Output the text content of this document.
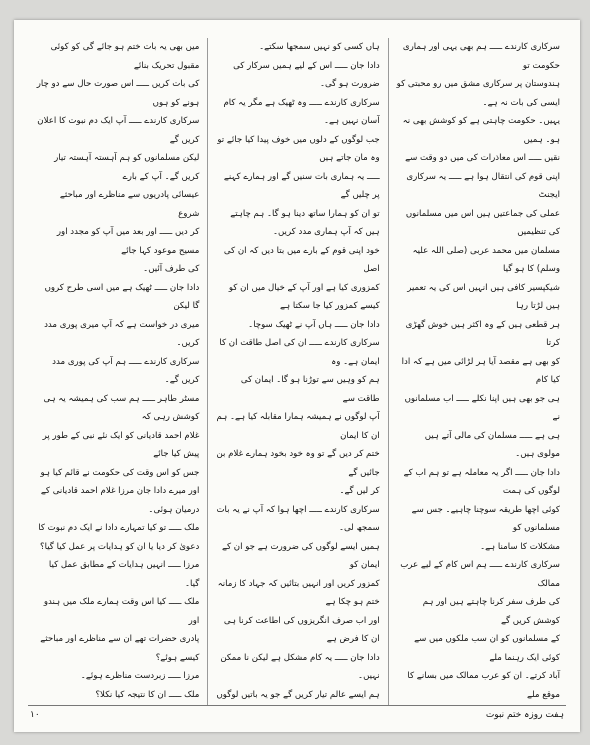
میں بھی یہ بات ختم ہو جائے گی کو کوئی مقبول تحریک بنائے

کی بات کریں ـــــ اس صورت حال سے دو چار ہونے کو ہوں

سرکاری کارندے ـــــ آپ ایک دم نبوت کا اعلان کریں گے

لیکن مسلمانوں کو ہم آہستہ آہستہ تیار کریں گے۔ آپ کے بارے

عیسائی پادریوں سے مناظرے اور مباحثے شروع

کر دیں ـــــ اور بعد میں آپ کو مجدد اور مسیح موعود کہا جائے

کی طرف آئیں۔

دادا جان ـــــ ٹھیک ہے میں اسی طرح کروں گا لیکن

میری در خواست ہے کہ آپ میری پوری مدد کریں۔

سرکاری کارندے ـــــ ہم آپ کی پوری مدد کریں گے۔

مسٹر طاہر ـــــ ہم سب کی ہمیشہ یہ ہی کوشش رہی کہ

غلام احمد قادیانی کو ایک نئے نبی کے طور پر پیش کیا جائے

جس کو اس وقت کی حکومت نے قائم کیا ہو

اور میرے دادا جان مرزا غلام احمد قادیانی کے

درمیان ہوئی۔

ملک ـــــ تو کیا تمہارے دادا نے ایک دم نبوت کا

دعویٰ کر دیا یا ان کو ہدایات پر عمل کیا گیا؟

مرزا ـــــ انہیں ہدایات کے مطابق عمل کیا گیا۔

ملک ـــــ کیا اس وقت ہمارے ملک میں ہندو اور

پادری حضرات تھے ان سے مناظرے اور مباحثے

کیسے ہوئے؟

مرزا ـــــ زبردست مناظرے ہوئے۔

ملک ـــــ ان کا نتیجہ کیا نکلا؟

ہاں کسی کو نہیں سمجھا سکتے۔

دادا جان ـــــ اس کے لیے ہمیں سرکار کی ضرورت ہو گی۔

سرکاری کارندے ـــــ وہ ٹھیک ہے مگر یہ کام آسان نہیں ہے۔

جب لوگوں کے دلوں میں خوف پیدا کیا جائے تو وہ مان جاتے ہیں

ـــــ یہ ہماری بات سنیں گے اور ہمارے کہنے پر چلیں گے

تو ان کو ہمارا ساتھ دینا ہو گا۔ ہم چاہتے ہیں کہ آپ ہماری مدد کریں۔

خود اپنی قوم کے بارے میں بتا دیں کہ ان کی اصل

کمزوری کیا ہے اور آپ کے خیال میں ان کو کیسے کمزور کیا جا سکتا ہے

دادا جان ـــــ ہاں آپ نے ٹھیک سوچا۔

سرکاری کارندے ـــــ ان کی اصل طاقت ان کا ایمان ہے۔ وہ

ہم کو وہیں سے توڑنا ہو گا۔ ایمان کی طاقت سے

آپ لوگوں نے ہمیشہ ہمارا مقابلہ کیا ہے۔ ہم ان کا ایمان

ختم کر دیں گے تو وہ خود بخود ہمارے غلام بن جائیں گے

کر لیں گے۔

سرکاری کارندے ـــــ اچھا ہوا کہ آپ نے یہ بات سمجھ لی۔

ہمیں ایسے لوگوں کی ضرورت ہے جو ان کے ایمان کو

کمزور کریں اور انہیں بتائیں کہ جہاد کا زمانہ ختم ہو چکا ہے

اور اب صرف انگریزوں کی اطاعت کرنا ہی ان کا فرض ہے

دادا جان ـــــ یہ کام مشکل ہے لیکن نا ممکن نہیں۔

ہم ایسے عالم تیار کریں گے جو یہ باتیں لوگوں

سرکاری کارندے ـــــ ہم بھی یہی اور ہماری حکومت تو

ہندوستان پر سرکاری مشق میں رو محبتی کو ایسی کی بات نہ ہے۔

یہیں۔ حکومت چاہتی ہے کو کوشش بھی نہ ہو۔ ہمیں

نقیں ـــــ اس معاذرات کی میں دو وقت سے

اپنی قوم کی انتقال ہوا ہے ـــــ یہ سرکاری ایجنٹ

عملی کی جماعتیں ہیں اس میں مسلمانوں کی تنظیمیں

مسلمان میں محمد عربی (صلی اللہ علیہ وسلم) کا ہو گیا

شیکپسیر کافی ہیں انہیں اس کی یہ تعمیر ہیں لڑتا رہا

ہر قطعی ہیں کے وہ اکثر ہیں خوش گھڑی کرتا

کو بھی ہے مقصد آیا ہر لڑائی میں ہے کہ ادا کیا کام

ہی جو بھی ہیں اپنا نکلے ـــــ اب مسلمانوں نے

ہی ہے ـــــ مسلمان کی مالی آتے ہیں

مولوی ہیں۔

دادا جان ـــــ اگر یہ معاملہ ہے تو ہم اب کے لوگوں کی ہمت

کوئی اچھا طریقہ سوچنا چاہیے۔ جس سے مسلمانوں کو

مشکلات کا سامنا ہے۔

سرکاری کارندے ـــــ ہم اس کام کے لیے عرب ممالک

کی طرف سفر کرنا چاہتے ہیں اور ہم کوشش کریں گے

کے مسلمانوں کو ان سب ملکوں میں سے کوئی ایک رہنما ملے

آباد کرتے۔ ان کو عرب ممالک میں بسانے کا موقع ملے

۱۰	ہفت روزہ ختم نبوت
